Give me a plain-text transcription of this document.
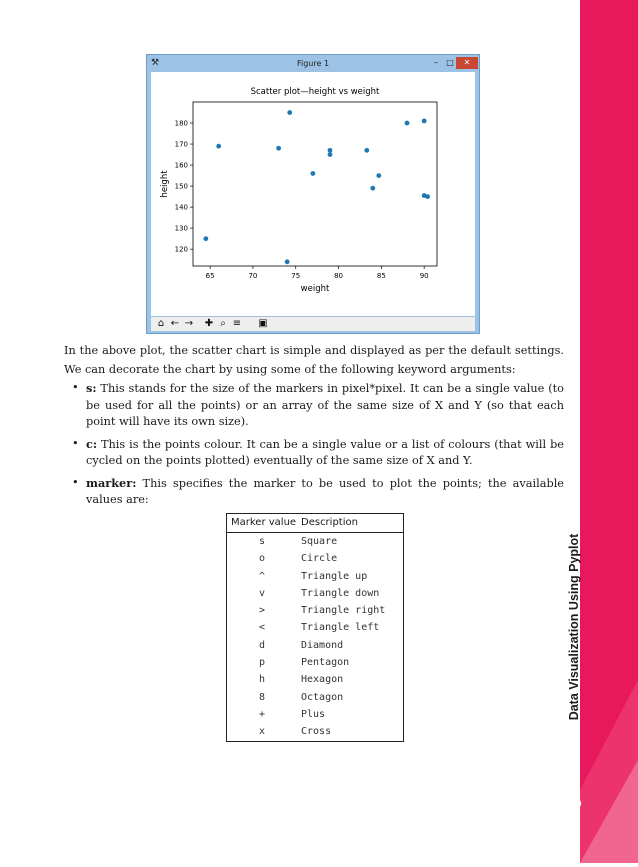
⚒	Figure 1	–	□	✕
Scatter plot—height vs weight
weight
height
65	70	75	80	85	90
120
130
140
150
160
170
180
⌂ ← → ✚ ⌕ ≡ ▣

In the above plot, the scatter chart is simple and displayed as per the default settings. We can decorate the chart by using some of the following keyword arguments:

• s: This stands for the size of the markers in pixel*pixel. It can be a single value (to be used for all the points) or an array of the same size of X and Y (so that each point will have its own size).
• c: This is the points colour. It can be a single value or a list of colours (that will be cycled on the points plotted) eventually of the same size of X and Y.
• marker: This specifies the marker to be used to plot the points; the available values are:
Marker value Description
s	Square
o	Circle
^	Triangle up
v	Triangle down
>	Triangle right
<	Triangle left
d	Diamond
p	Pentagon
h	Hexagon
8	Octagon
+	Plus
x	Cross
Data Visualization Using Pyplot
2.19
